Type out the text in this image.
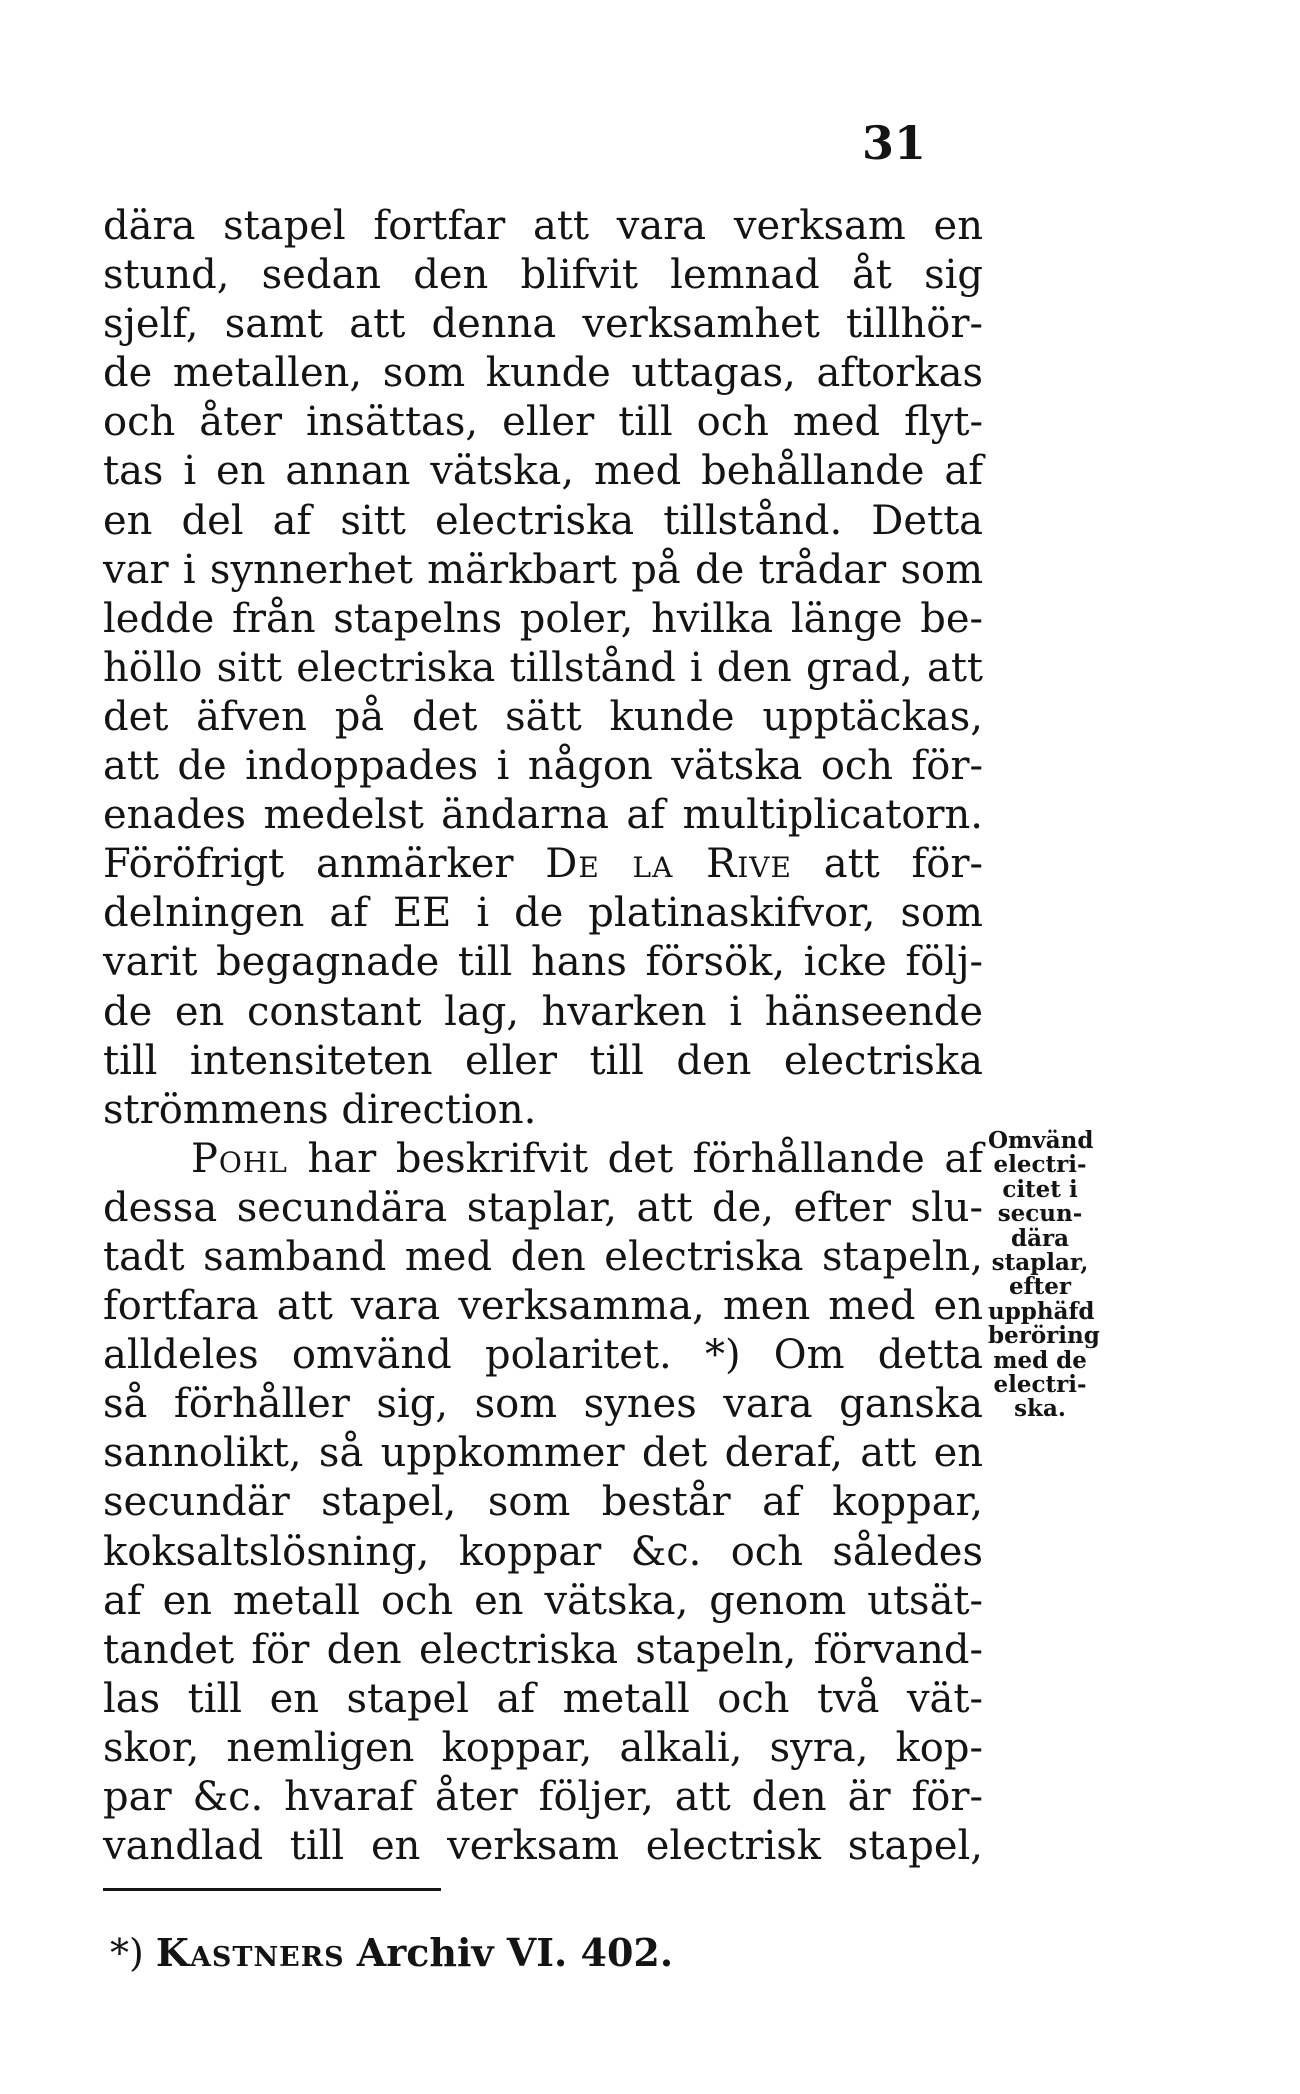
31
dära stapel fortfar att vara verksam en
stund, sedan den blifvit lemnad åt sig
sjelf, samt att denna verksamhet tillhör-
de metallen, som kunde uttagas, aftorkas
och åter insättas, eller till och med flyt-
tas i en annan vätska, med behållande af
en del af sitt electriska tillstånd. Detta
var i synnerhet märkbart på de trådar som
ledde från stapelns poler, hvilka länge be-
höllo sitt electriska tillstånd i den grad, att
det äfven på det sätt kunde upptäckas,
att de indoppades i någon vätska och för-
enades medelst ändarna af multiplicatorn.
Föröfrigt anmärker De la Rive att för-
delningen af EE i de platinaskifvor, som
varit begagnade till hans försök, icke följ-
de en constant lag, hvarken i hänseende
till intensiteten eller till den electriska
strömmens direction.
Pohl har beskrifvit det förhållande af
dessa secundära staplar, att de, efter slu-
tadt samband med den electriska stapeln,
fortfara att vara verksamma, men med en
alldeles omvänd polaritet. *) Om detta
så förhåller sig, som synes vara ganska
sannolikt, så uppkommer det deraf, att en
secundär stapel, som består af koppar,
koksaltslösning, koppar &c. och således
af en metall och en vätska, genom utsät-
tandet för den electriska stapeln, förvand-
las till en stapel af metall och två vät-
skor, nemligen koppar, alkali, syra, kop-
par &c. hvaraf åter följer, att den är för-
vandlad till en verksam electrisk stapel,
Omvänd
electri-
citet i
secun-
dära
staplar,
efter
upphäfd
beröring
med de
electri-
ska.
*) Kastners Archiv VI. 402.
